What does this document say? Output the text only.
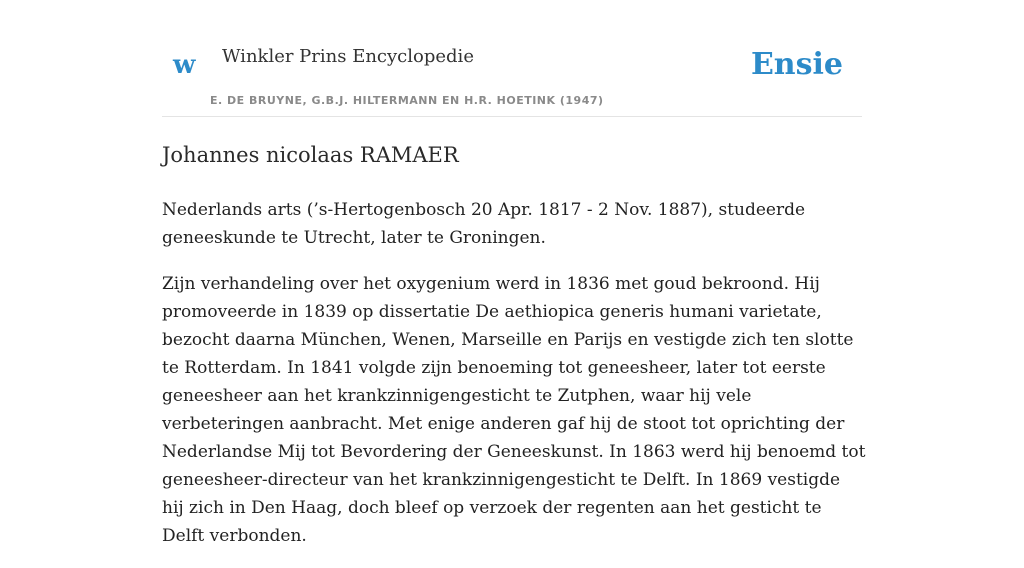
w Winkler Prins Encyclopedie
E. DE BRUYNE, G.B.J. HILTERMANN EN H.R. HOETINK (1947)
Ensie
Johannes nicolaas RAMAER

Nederlands arts (’s-Hertogenbosch 20 Apr. 1817 - 2 Nov. 1887), studeerde geneeskunde te Utrecht, later te Groningen.

Zijn verhandeling over het oxygenium werd in 1836 met goud bekroond. Hij promoveerde in 1839 op dissertatie De aethiopica generis humani varietate, bezocht daarna München, Wenen, Marseille en Parijs en vestigde zich ten slotte te Rotterdam. In 1841 volgde zijn benoeming tot geneesheer, later tot eerste geneesheer aan het krankzinnigengesticht te Zutphen, waar hij vele verbeteringen aanbracht. Met enige anderen gaf hij de stoot tot oprichting der Nederlandse Mij tot Bevordering der Geneeskunst. In 1863 werd hij benoemd tot geneesheer-directeur van het krankzinnigengesticht te Delft. In 1869 vestigde hij zich in Den Haag, doch bleef op verzoek der regenten aan het gesticht te Delft verbonden.
